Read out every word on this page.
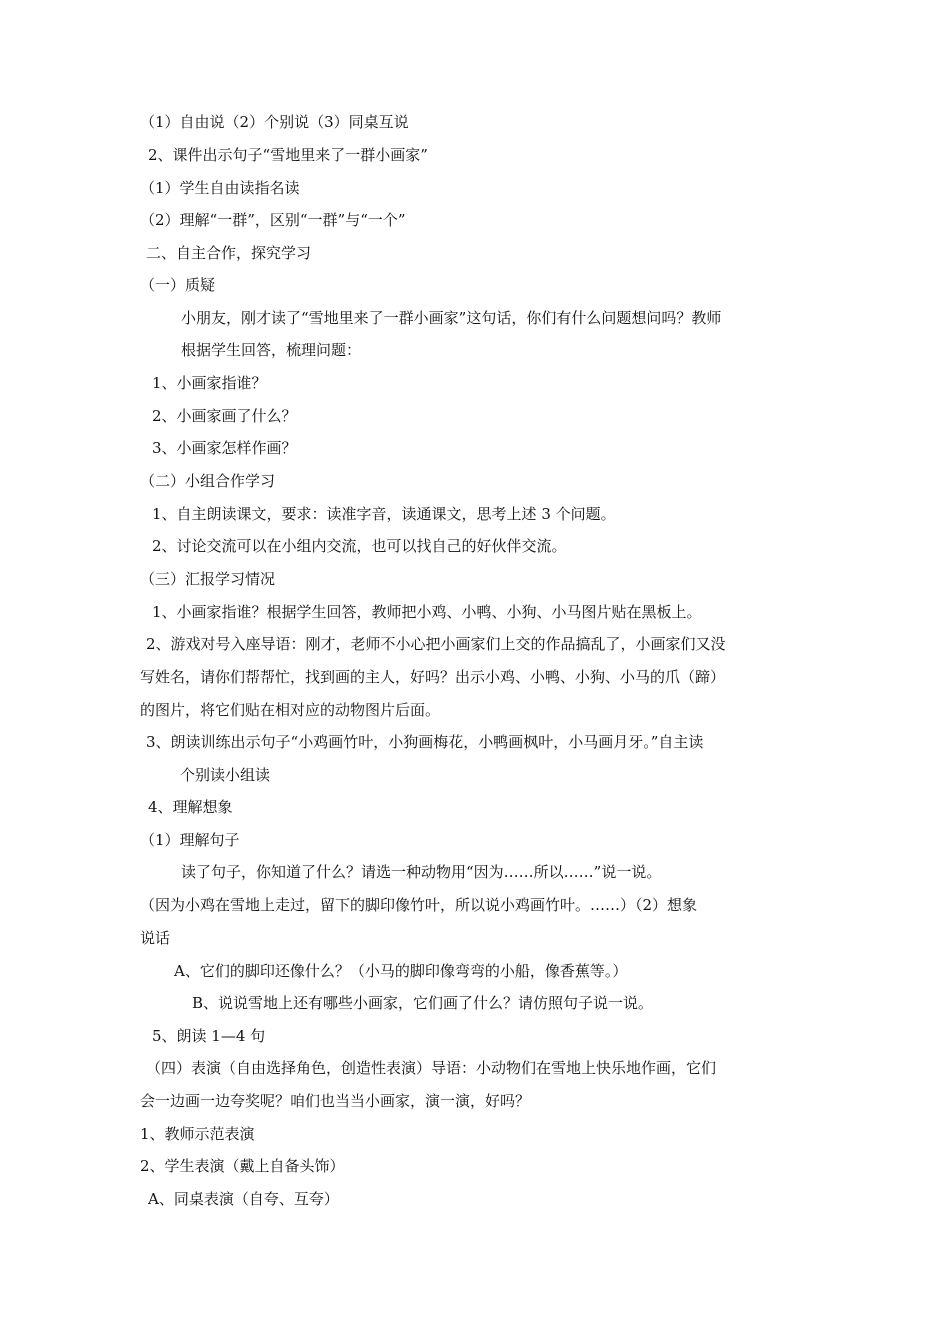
（1）自由说（2）个别说（3）同桌互说
2、课件出示句子“雪地里来了一群小画家”
（1）学生自由读指名读
（2）理解“一群”，区别“一群”与“一个”
二、自主合作，探究学习
（一）质疑
小朋友，刚才读了“雪地里来了一群小画家”这句话，你们有什么问题想问吗？教师
根据学生回答，梳理问题：
1、小画家指谁？
2、小画家画了什么？
3、小画家怎样作画？
（二）小组合作学习
1、自主朗读课文，要求：读准字音，读通课文，思考上述 3 个问题。
2、讨论交流可以在小组内交流，也可以找自己的好伙伴交流。
（三）汇报学习情况
1、小画家指谁？根据学生回答，教师把小鸡、小鸭、小狗、小马图片贴在黑板上。
2、游戏对号入座导语：刚才，老师不小心把小画家们上交的作品搞乱了，小画家们又没
写姓名，请你们帮帮忙，找到画的主人，好吗？出示小鸡、小鸭、小狗、小马的爪（蹄）
的图片，将它们贴在相对应的动物图片后面。
3、朗读训练出示句子“小鸡画竹叶，小狗画梅花，小鸭画枫叶，小马画月牙。”自主读
个别读小组读
4、理解想象
（1）理解句子
读了句子，你知道了什么？请选一种动物用“因为……所以……”说一说。
（因为小鸡在雪地上走过，留下的脚印像竹叶，所以说小鸡画竹叶。……）（2）想象
说话
A、它们的脚印还像什么？（小马的脚印像弯弯的小船，像香蕉等。）
B、说说雪地上还有哪些小画家，它们画了什么？请仿照句子说一说。
5、朗读 1—4 句
（四）表演（自由选择角色，创造性表演）导语：小动物们在雪地上快乐地作画，它们
会一边画一边夸奖呢？咱们也当当小画家，演一演，好吗？
1、教师示范表演
2、学生表演（戴上自备头饰）
A、同桌表演（自夸、互夸）
